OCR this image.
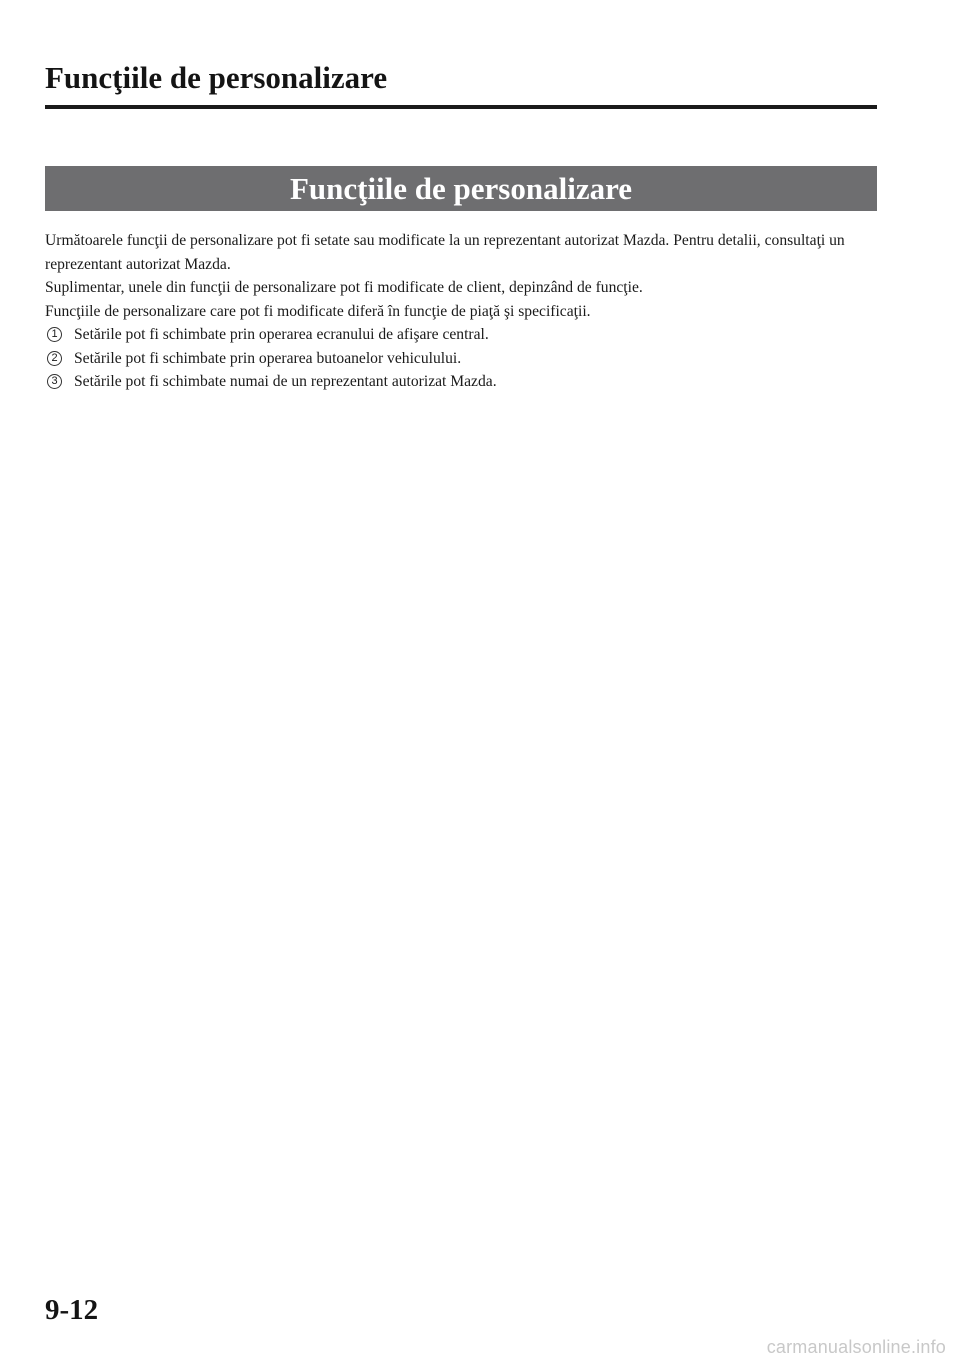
Funcţiile de personalizare
Funcţiile de personalizare

Următoarele funcţii de personalizare pot fi setate sau modificate la un reprezentant autorizat Mazda. Pentru detalii, consultaţi un reprezentant autorizat Mazda.

Suplimentar, unele din funcţii de personalizare pot fi modificate de client, depinzând de funcţie.

Funcţiile de personalizare care pot fi modificate diferă în funcţie de piaţă şi specificaţii.

1 Setările pot fi schimbate prin operarea ecranului de afişare central.
2 Setările pot fi schimbate prin operarea butoanelor vehiculului.
3 Setările pot fi schimbate numai de un reprezentant autorizat Mazda.
9-12
carmanualsonline.info
